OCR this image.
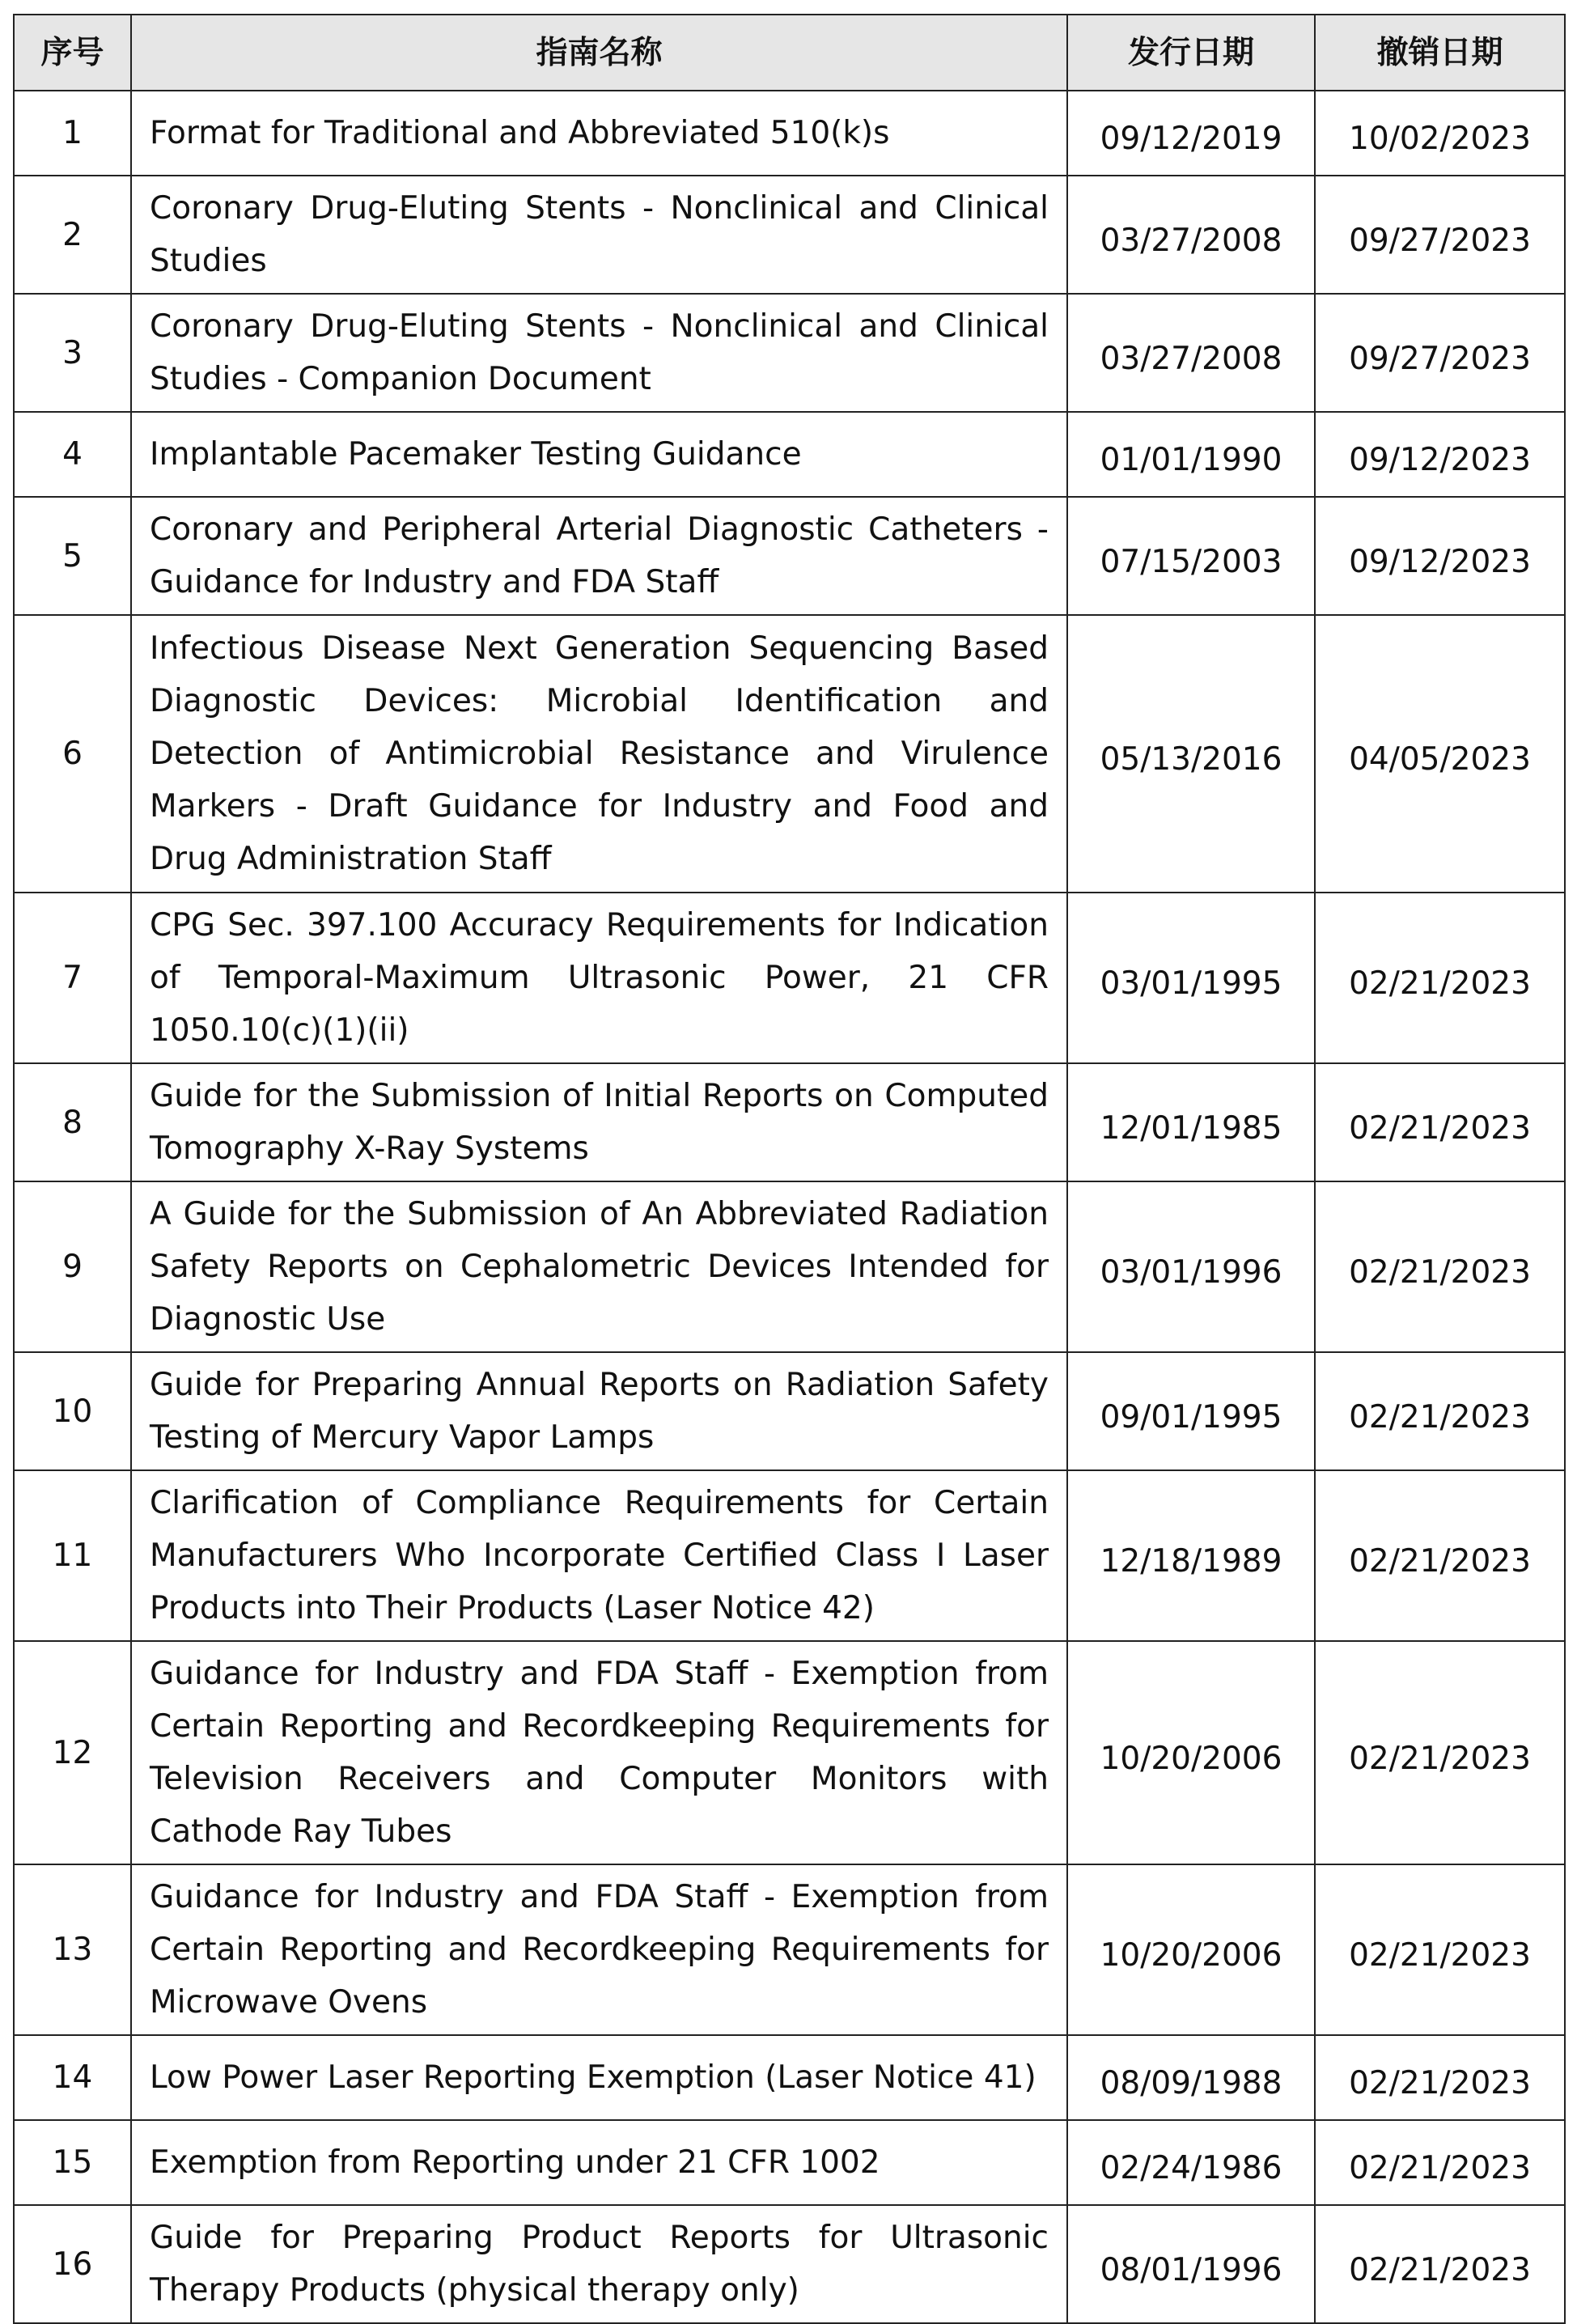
序号	指南名称	发行日期	撤销日期
1	Format for Traditional and Abbreviated 510(k)s	09/12/2019	10/02/2023
2	Coronary Drug-Eluting Stents - Nonclinical and Clinical Studies	03/27/2008	09/27/2023
3	Coronary Drug-Eluting Stents - Nonclinical and Clinical Studies - Companion Document	03/27/2008	09/27/2023
4	Implantable Pacemaker Testing Guidance	01/01/1990	09/12/2023
5	Coronary and Peripheral Arterial Diagnostic Catheters - Guidance for Industry and FDA Staff	07/15/2003	09/12/2023
6	Infectious Disease Next Generation Sequencing Based Diagnostic Devices: Microbial Identification and Detection of Antimicrobial Resistance and Virulence Markers - Draft Guidance for Industry and Food and Drug Administration Staff	05/13/2016	04/05/2023
7	CPG Sec. 397.100 Accuracy Requirements for Indication of Temporal-Maximum Ultrasonic Power, 21 CFR 1050.10(c)(1)(ii)	03/01/1995	02/21/2023
8	Guide for the Submission of Initial Reports on Computed Tomography X-Ray Systems	12/01/1985	02/21/2023
9	A Guide for the Submission of An Abbreviated Radiation Safety Reports on Cephalometric Devices Intended for Diagnostic Use	03/01/1996	02/21/2023
10	Guide for Preparing Annual Reports on Radiation Safety Testing of Mercury Vapor Lamps	09/01/1995	02/21/2023
11	Clarification of Compliance Requirements for Certain Manufacturers Who Incorporate Certified Class I Laser Products into Their Products (Laser Notice 42)	12/18/1989	02/21/2023
12	Guidance for Industry and FDA Staff - Exemption from Certain Reporting and Recordkeeping Requirements for Television Receivers and Computer Monitors with Cathode Ray Tubes	10/20/2006	02/21/2023
13	Guidance for Industry and FDA Staff - Exemption from Certain Reporting and Recordkeeping Requirements for Microwave Ovens	10/20/2006	02/21/2023
14	Low Power Laser Reporting Exemption (Laser Notice 41)	08/09/1988	02/21/2023
15	Exemption from Reporting under 21 CFR 1002	02/24/1986	02/21/2023
16	Guide for Preparing Product Reports for Ultrasonic Therapy Products (physical therapy only)	08/01/1996	02/21/2023
